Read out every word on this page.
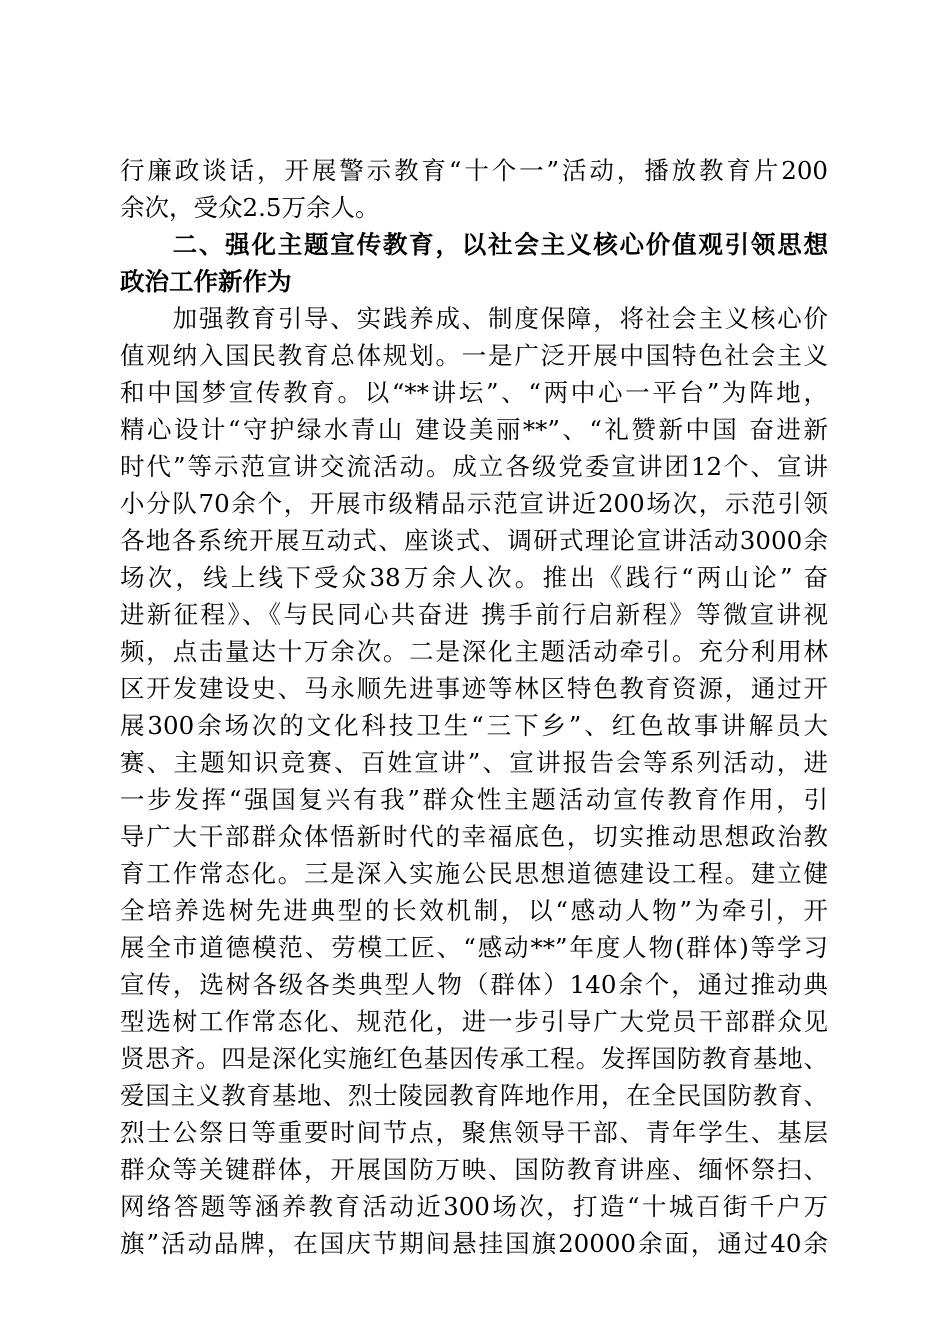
行廉政谈话，开展警示教育“十个一”活动，播放教育片200
余次，受众2.5万余人。
　　二、强化主题宣传教育，以社会主义核心价值观引领思想
政治工作新作为
　　加强教育引导、实践养成、制度保障，将社会主义核心价
值观纳入国民教育总体规划。一是广泛开展中国特色社会主义
和中国梦宣传教育。以“**讲坛”、“两中心一平台”为阵地，
精心设计“守护绿水青山 建设美丽**”、“礼赞新中国 奋进新
时代”等示范宣讲交流活动。成立各级党委宣讲团12个、宣讲
小分队70余个，开展市级精品示范宣讲近200场次，示范引领
各地各系统开展互动式、座谈式、调研式理论宣讲活动3000余
场次，线上线下受众38万余人次。推出《践行“两山论” 奋
进新征程》、《与民同心共奋进 携手前行启新程》等微宣讲视
频，点击量达十万余次。二是深化主题活动牵引。充分利用林
区开发建设史、马永顺先进事迹等林区特色教育资源，通过开
展300余场次的文化科技卫生“三下乡”、红色故事讲解员大
赛、主题知识竞赛、百姓宣讲”、宣讲报告会等系列活动，进
一步发挥“强国复兴有我”群众性主题活动宣传教育作用，引
导广大干部群众体悟新时代的幸福底色，切实推动思想政治教
育工作常态化。三是深入实施公民思想道德建设工程。建立健
全培养选树先进典型的长效机制，以“感动人物”为牵引，开
展全市道德模范、劳模工匠、“感动**”年度人物(群体)等学习
宣传，选树各级各类典型人物（群体）140余个，通过推动典
型选树工作常态化、规范化，进一步引导广大党员干部群众见
贤思齐。四是深化实施红色基因传承工程。发挥国防教育基地、
爱国主义教育基地、烈士陵园教育阵地作用，在全民国防教育、
烈士公祭日等重要时间节点，聚焦领导干部、青年学生、基层
群众等关键群体，开展国防万映、国防教育讲座、缅怀祭扫、
网络答题等涵养教育活动近300场次，打造“十城百街千户万
旗”活动品牌，在国庆节期间悬挂国旗20000余面，通过40余
